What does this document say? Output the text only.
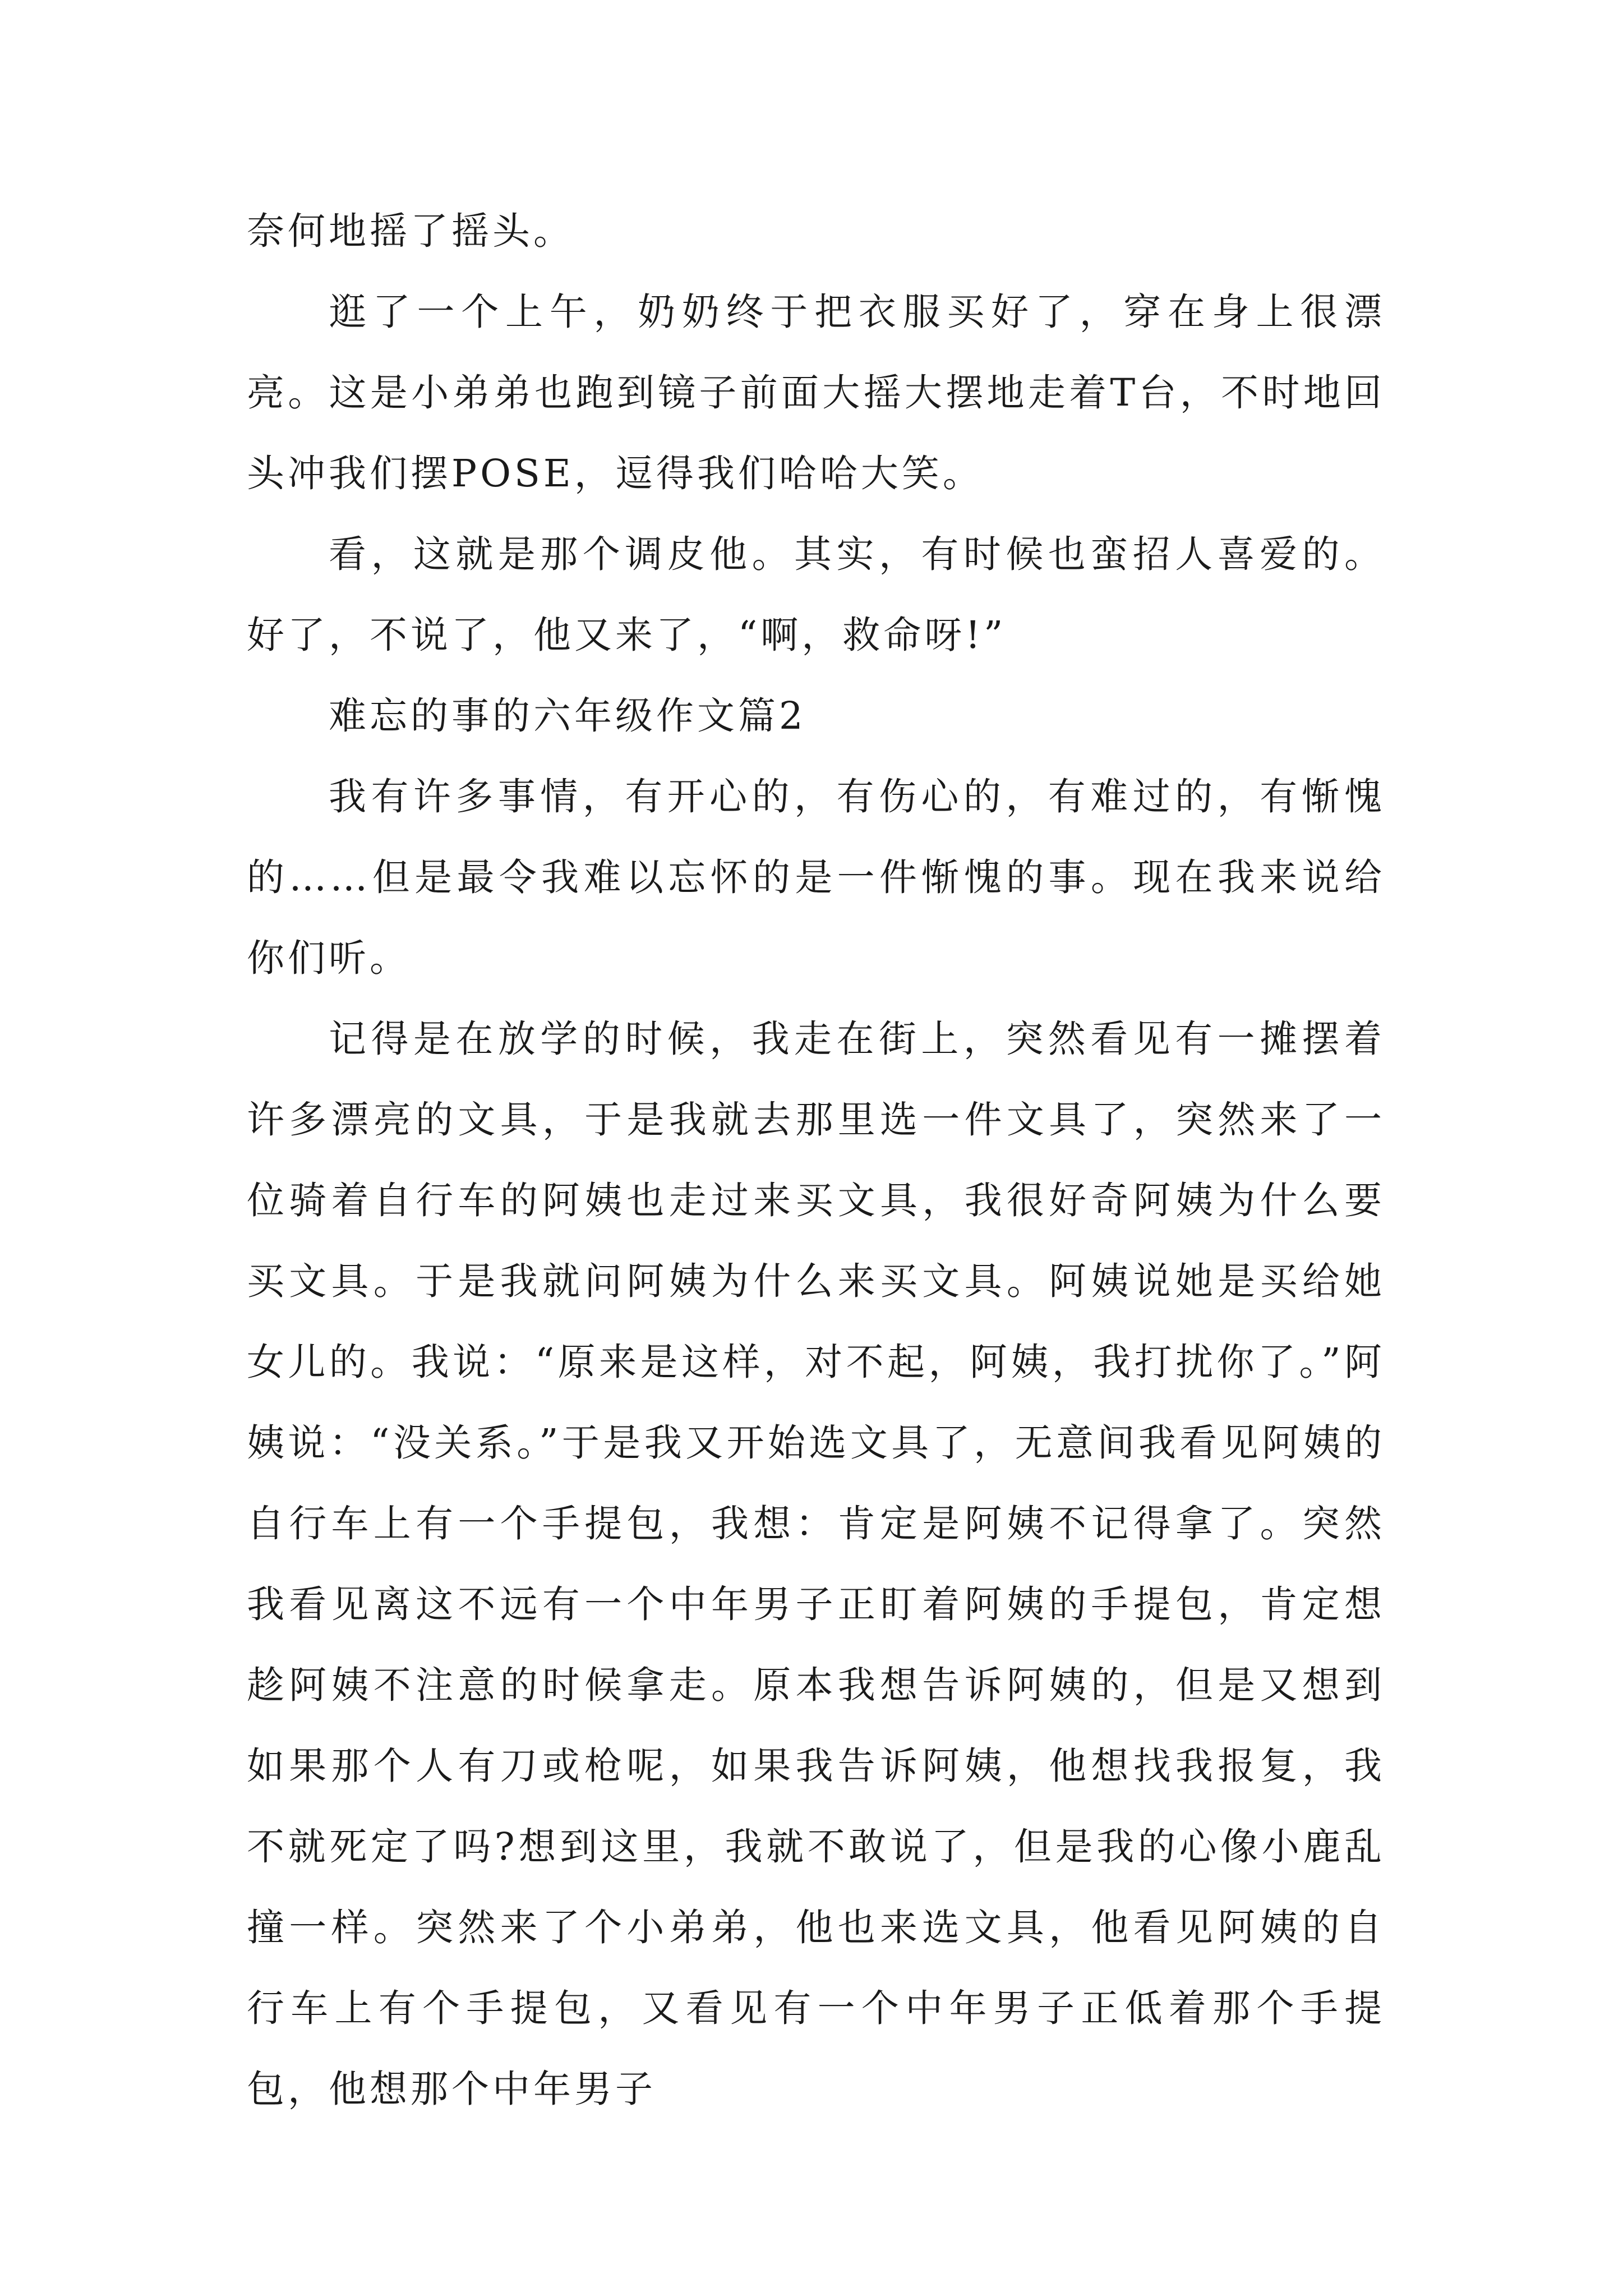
奈何地摇了摇头。

逛了一个上午，奶奶终于把衣服买好了，穿在身上很漂亮。这是小弟弟也跑到镜子前面大摇大摆地走着T台，不时地回头冲我们摆POSE，逗得我们哈哈大笑。

看，这就是那个调皮他。其实，有时候也蛮招人喜爱的。好了，不说了，他又来了，“啊，救命呀!”

难忘的事的六年级作文篇2

我有许多事情，有开心的，有伤心的，有难过的，有惭愧的……但是最令我难以忘怀的是一件惭愧的事。现在我来说给你们听。

记得是在放学的时候，我走在街上，突然看见有一摊摆着许多漂亮的文具，于是我就去那里选一件文具了，突然来了一位骑着自行车的阿姨也走过来买文具，我很好奇阿姨为什么要买文具。于是我就问阿姨为什么来买文具。阿姨说她是买给她女儿的。我说：“原来是这样，对不起，阿姨，我打扰你了。”阿姨说：“没关系。”于是我又开始选文具了，无意间我看见阿姨的自行车上有一个手提包，我想：肯定是阿姨不记得拿了。突然我看见离这不远有一个中年男子正盯着阿姨的手提包，肯定想趁阿姨不注意的时候拿走。原本我想告诉阿姨的，但是又想到如果那个人有刀或枪呢，如果我告诉阿姨，他想找我报复，我不就死定了吗?想到这里，我就不敢说了，但是我的心像小鹿乱撞一样。突然来了个小弟弟，他也来选文具，他看见阿姨的自行车上有个手提包，又看见有一个中年男子正低着那个手提包，他想那个中年男子
